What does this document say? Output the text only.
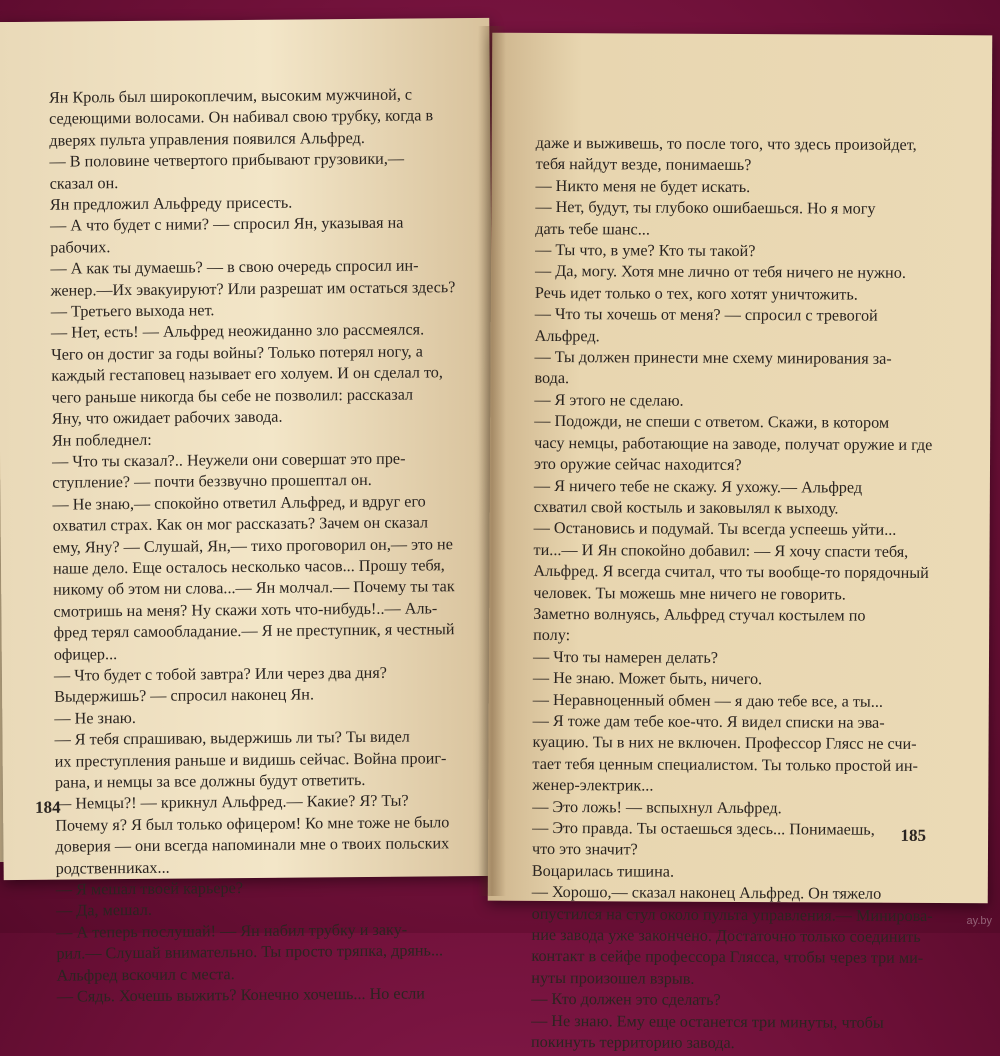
Ян Кроль был широкоплечим, высоким мужчиной, с
седеющими волосами. Он набивал свою трубку, когда в
дверях пульта управления появился Альфред.
— В половине четвертого прибывают грузовики,—
сказал он.
Ян предложил Альфреду присесть.
— А что будет с ними? — спросил Ян, указывая на
рабочих.
— А как ты думаешь? — в свою очередь спросил ин-
женер.—Их эвакуируют? Или разрешат им остаться здесь?
— Третьего выхода нет.
— Нет, есть! — Альфред неожиданно зло рассмеялся.
Чего он достиг за годы войны? Только потерял ногу, а
каждый гестаповец называет его холуем. И он сделал то,
чего раньше никогда бы себе не позволил: рассказал
Яну, что ожидает рабочих завода.
Ян побледнел:
— Что ты сказал?.. Неужели они совершат это пре-
ступление? — почти беззвучно прошептал он.
— Не знаю,— спокойно ответил Альфред, и вдруг его
охватил страх. Как он мог рассказать? Зачем он сказал
ему, Яну? — Слушай, Ян,— тихо проговорил он,— это не
наше дело. Еще осталось несколько часов... Прошу тебя,
никому об этом ни слова...— Ян молчал.— Почему ты так
смотришь на меня? Ну скажи хоть что-нибудь!..— Аль-
фред терял самообладание.— Я не преступник, я честный
офицер...
— Что будет с тобой завтра? Или через два дня?
Выдержишь? — спросил наконец Ян.
— Не знаю.
— Я тебя спрашиваю, выдержишь ли ты? Ты видел
их преступления раньше и видишь сейчас. Война проиг-
рана, и немцы за все должны будут ответить.
— Немцы?! — крикнул Альфред.— Какие? Я? Ты?
Почему я? Я был только офицером! Ко мне тоже не было
доверия — они всегда напоминали мне о твоих польских
родственниках...
— Я мешал твоей карьере?
— Да, мешал.
— А теперь послушай! — Ян набил трубку и заку-
рил.— Слушай внимательно. Ты просто тряпка, дрянь...
Альфред вскочил с места.
— Сядь. Хочешь выжить? Конечно хочешь... Но если
184
даже и выживешь, то после того, что здесь произойдет,
тебя найдут везде, понимаешь?
— Никто меня не будет искать.
— Нет, будут, ты глубоко ошибаешься. Но я могу
дать тебе шанс...
— Ты что, в уме? Кто ты такой?
— Да, могу. Хотя мне лично от тебя ничего не нужно.
Речь идет только о тех, кого хотят уничтожить.
— Что ты хочешь от меня? — спросил с тревогой
Альфред.
— Ты должен принести мне схему минирования за-
вода.
— Я этого не сделаю.
— Подожди, не спеши с ответом. Скажи, в котором
часу немцы, работающие на заводе, получат оружие и где
это оружие сейчас находится?
— Я ничего тебе не скажу. Я ухожу.— Альфред
схватил свой костыль и заковылял к выходу.
— Остановись и подумай. Ты всегда успеешь уйти...
ти...— И Ян спокойно добавил: — Я хочу спасти тебя,
Альфред. Я всегда считал, что ты вообще-то порядочный
человек. Ты можешь мне ничего не говорить.
Заметно волнуясь, Альфред стучал костылем по
полу:
— Что ты намерен делать?
— Не знаю. Может быть, ничего.
— Неравноценный обмен — я даю тебе все, а ты...
— Я тоже дам тебе кое-что. Я видел списки на эва-
куацию. Ты в них не включен. Профессор Глясс не счи-
тает тебя ценным специалистом. Ты только простой ин-
женер-электрик...
— Это ложь! — вспыхнул Альфред.
— Это правда. Ты остаешься здесь... Понимаешь,
что это значит?
Воцарилась тишина.
— Хорошо,— сказал наконец Альфред. Он тяжело
опустился на стул около пульта управления.— Минирова-
ние завода уже закончено. Достаточно только соединить
контакт в сейфе профессора Глясса, чтобы через три ми-
нуты произошел взрыв.
— Кто должен это сделать?
— Не знаю. Ему еще останется три минуты, чтобы
покинуть территорию завода.
185
ay.by
